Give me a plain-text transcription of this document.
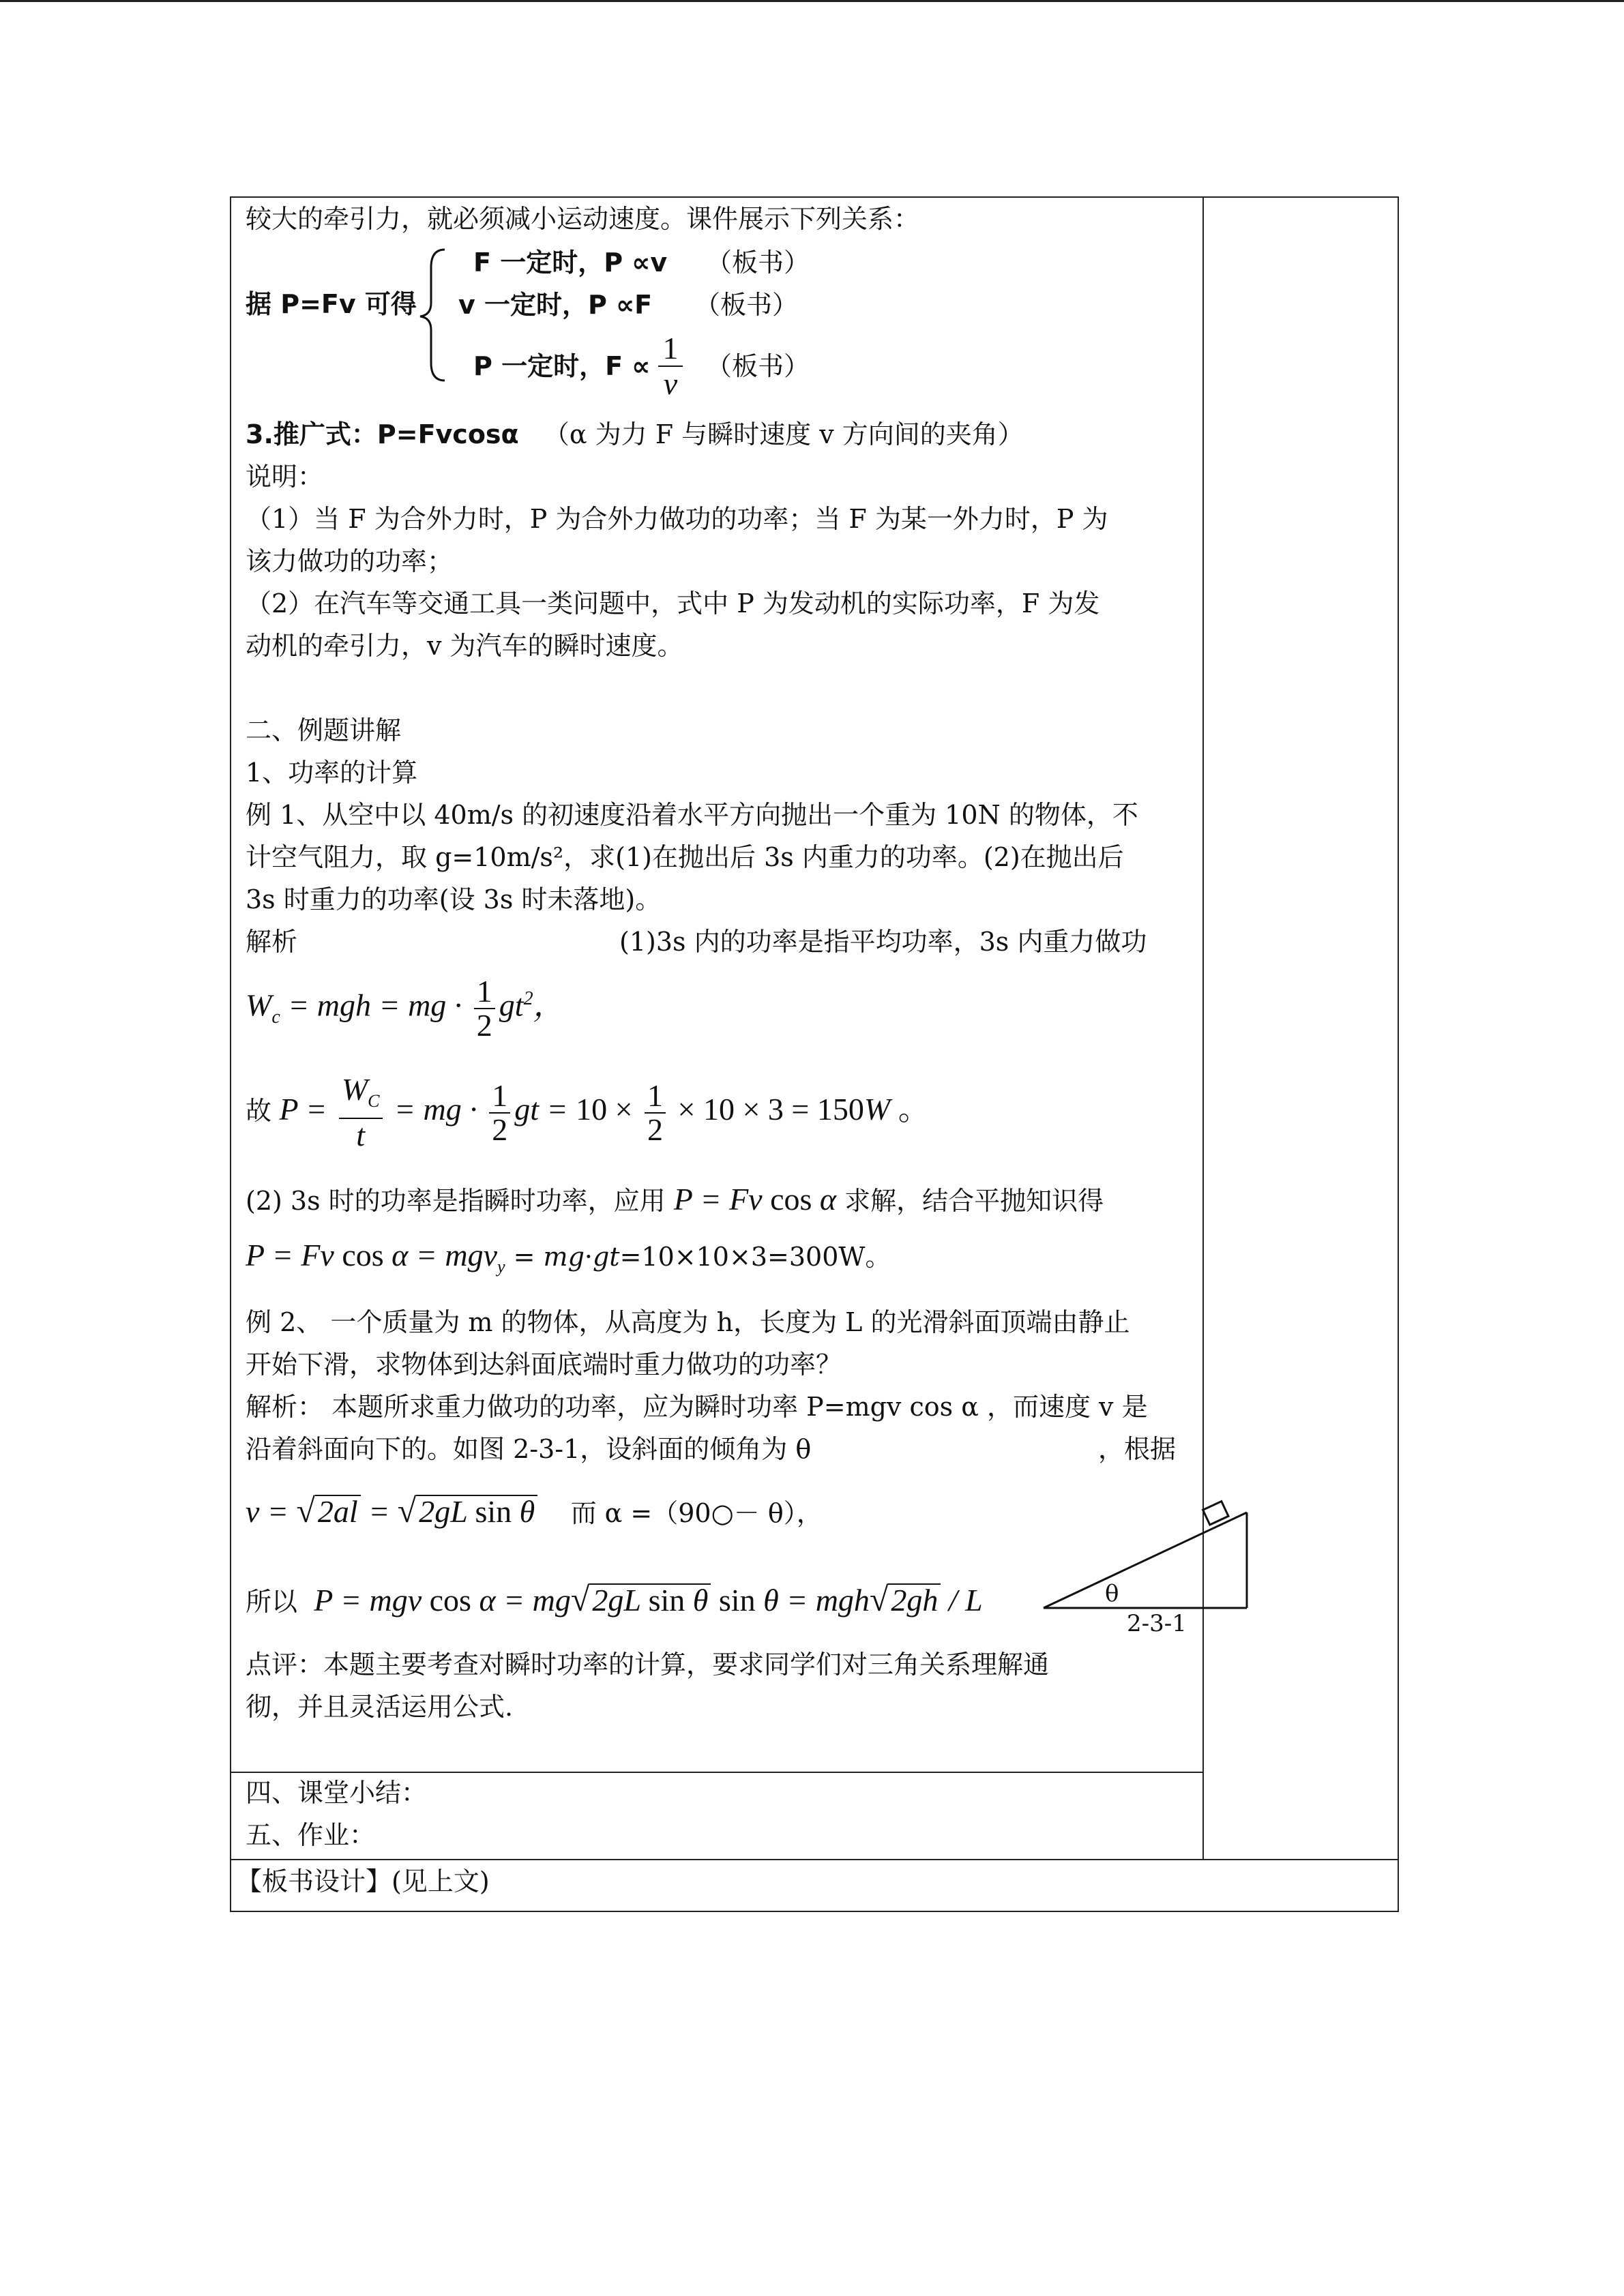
较大的牵引力，就必须减小运动速度。课件展示下列关系：
据 P=Fv 可得
F 一定时，P ∝v （板书）
v 一定时，P ∝F （板书）
P 一定时，F ∝
1

v （板书）
3.推广式：P=Fvcosα （α 为力 F 与瞬时速度 v 方向间的夹角）
说明：
（1）当 F 为合外力时，P 为合外力做功的功率；当 F 为某一外力时，P 为
该力做功的功率；
（2）在汽车等交通工具一类问题中，式中 P 为发动机的实际功率，F 为发
动机的牵引力，v 为汽车的瞬时速度。
二、例题讲解
1、功率的计算
例 1、从空中以 40m/s 的初速度沿着水平方向抛出一个重为 10N 的物体，不
计空气阻力，取 g=10m/s²，求(1)在抛出后 3s 内重力的功率。(2)在抛出后
3s 时重力的功率(设 3s 时未落地)。
解析	(1)3s 内的功率是指平均功率，3s 内重力做功
$W_c$ = mgh = mg · $\frac{1}{2} gt^2$，
故 $P = \frac{W_C}{t}$ = mg · $\frac{1}{2}$ gt = $10 \times \frac{1}{2} \times 10 \times 3 = 150W$ 。
(2) 3s 时的功率是指瞬时功率，应用 P = Fv cos α 求解，结合平抛知识得
P = Fv cos α = mgv$_y$ = mg·gt=10×10×3=300W。
例 2、 一个质量为 m 的物体，从高度为 h，长度为 L 的光滑斜面顶端由静止
开始下滑，求物体到达斜面底端时重力做功的功率？
解析： 本题所求重力做功的功率，应为瞬时功率 P=mgv cos α ，而速度 v 是
沿着斜面向下的。如图 2-3-1，设斜面的倾角为 θ	，根据
v = √2al = √2gL sin θ 而 α =（90○－ θ），
所以 P = mgv cos α = mg√2gL sin θ sin θ = mgh√2gh / L	θ
2-3-1
点评：本题主要考查对瞬时功率的计算，要求同学们对三角关系理解通
彻，并且灵活运用公式.
四、课堂小结：
五、作业：
【板书设计】(见上文)
